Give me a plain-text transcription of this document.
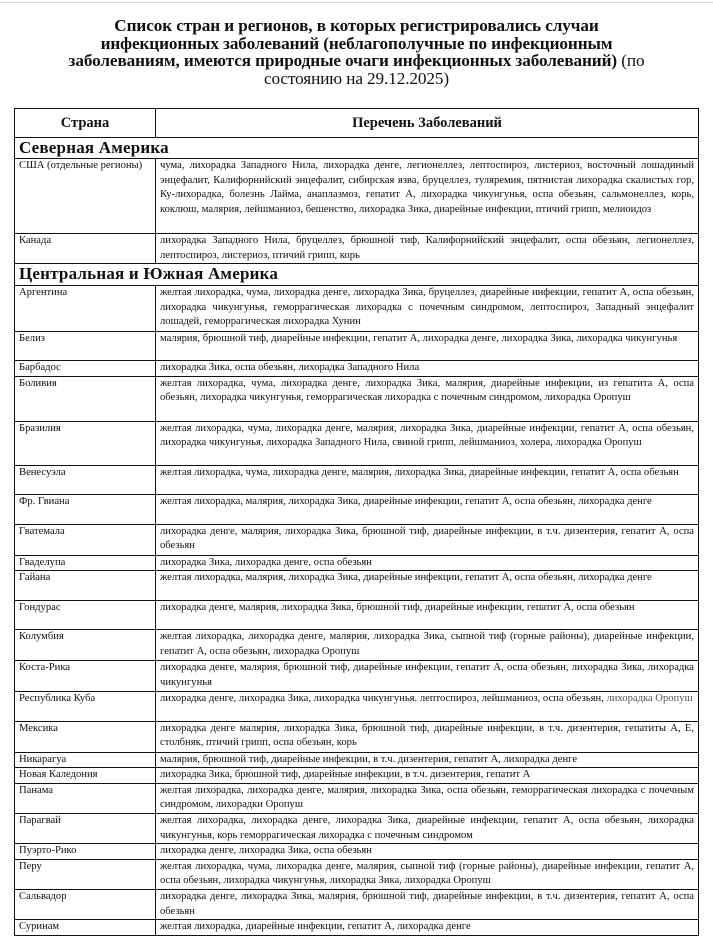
Список стран и регионов, в которых регистрировались случаи инфекционных заболеваний (неблагополучные по инфекционным заболеваниям, имеются природные очаги инфекционных заболеваний) (по состоянию на 29.12.2025)
Страна	Перечень Заболеваний
Северная Америка	
США (отдельные регионы)	чума, лихорадка Западного Нила, лихорадка денге, легионеллез, лептоспироз, листериоз, восточный лошадиный энцефалит, Калифорнийский энцефалит, сибирская язва, бруцеллез, туляремия, пятнистая лихорадка скалистых гор, Ку-лихорадка, болезнь Лайма, анаплазмоз, гепатит А, лихорадка чикунгунья, оспа обезьян, сальмонеллез, корь, коклюш, малярия, лейшманиоз, бешенство, лихорадка Зика, диарейные инфекции, птичий грипп, мелиоидоз
Канада	лихорадка Западного Нила, бруцеллез, брюшной тиф, Калифорнийский энцефалит, оспа обезьян, легионеллез, лептоспироз, листериоз, птичий грипп, корь
Центральная и Южная Америка	
Аргентина	желтая лихорадка, чума, лихорадка денге, лихорадка Зика, бруцеллез, диарейные инфекции, гепатит А, оспа обезьян, лихорадка чикунгунья, геморрагическая лихорадка с почечным синдромом, лептоспироз, Западный энцефалит лошадей, геморрагическая лихорадка Хунин
Белиз	малярия, брюшной тиф, диарейные инфекции, гепатит А, лихорадка денге, лихорадка Зика, лихорадка чикунгунья
Барбадос	лихорадка Зика, оспа обезьян, лихорадка Западного Нила
Боливия	желтая лихорадка, чума, лихорадка денге, лихорадка Зика, малярия, диарейные инфекции, из гепатита А, оспа обезьян, лихорадка чикунгунья, геморрагическая лихорадка с почечным синдромом, лихорадка Оропуш
Бразилия	желтая лихорадка, чума, лихорадка денге, малярия, лихорадка Зика, диарейные инфекции, гепатит А, оспа обезьян, лихорадка чикунгунья, лихорадка Западного Нила, свиной грипп, лейшманиоз, холера, лихорадка Оропуш
Венесуэла	желтая лихорадка, чума, лихорадка денге, малярия, лихорадка Зика, диарейные инфекции, гепатит А, оспа обезьян
Фр. Гвиана	желтая лихорадка, малярия, лихорадка Зика, диарейные инфекции, гепатит А, оспа обезьян, лихорадка денге
Гватемала	лихорадка денге, малярия, лихорадка Зика, брюшной тиф, диарейные инфекции, в т.ч. дизентерия, гепатит А, оспа обезьян
Гваделупа	лихорадка Зика, лихорадка денге, оспа обезьян
Гайана	желтая лихорадка, малярия, лихорадка Зика, диарейные инфекции, гепатит А, оспа обезьян, лихорадка денге
Гондурас	лихорадка денге, малярия, лихорадка Зика, брюшной тиф, диарейные инфекции, гепатит А, оспа обезьян
Колумбия	желтая лихорадка, лихорадка денге, малярия, лихорадка Зика, сыпной тиф (горные районы), диарейные инфекции, гепатит А, оспа обезьян, лихорадка Оропуш
Коста-Рика	лихорадка денге, малярия, брюшной тиф, диарейные инфекции, гепатит А, оспа обезьян, лихорадка Зика, лихорадка чикунгунья
Республика Куба	лихорадка денге, лихорадка Зика, лихорадка чикунгунья. лептоспироз, лейшманиоз, оспа обезьян, лихорадка Оропуш
Мексика	лихорадка денге малярия, лихорадка Зика, брюшной тиф, диарейные инфекции, в т.ч. дизентерия, гепатиты А, Е, столбняк, птичий грипп, оспа обезьян, корь
Никарагуа	малярия, брюшной тиф, диарейные инфекции, в т.ч. дизентерия, гепатит А, лихорадка денге
Новая Каледония	лихорадка Зика, брюшной тиф, диарейные инфекции, в т.ч. дизентерия, гепатит А
Панама	желтая лихорадка, лихорадка денге, малярия, лихорадка Зика, оспа обезьян, геморрагическая лихорадка с почечным синдромом, лихорадки Оропуш
Парагвай	желтая лихорадка, лихорадка денге, лихорадка Зика, диарейные инфекции, гепатит А, оспа обезьян, лихорадка чикунгунья, корь геморрагическая лихорадка с почечным синдромом
Пуэрто-Рико	лихорадка денге, лихорадка Зика, оспа обезьян
Перу	желтая лихорадка, чума, лихорадка денге, малярия, сыпной тиф (горные районы), диарейные инфекции, гепатит А, оспа обезьян, лихорадка чикунгунья, лихорадка Зика, лихорадка Оропуш
Сальвадор	лихорадка денге, лихорадка Зика, малярия, брюшной тиф, диарейные инфекции, в т.ч. дизентерия, гепатит А, оспа обезьян
Суринам	желтая лихорадка, диарейные инфекции, гепатит А, лихорадка денге
